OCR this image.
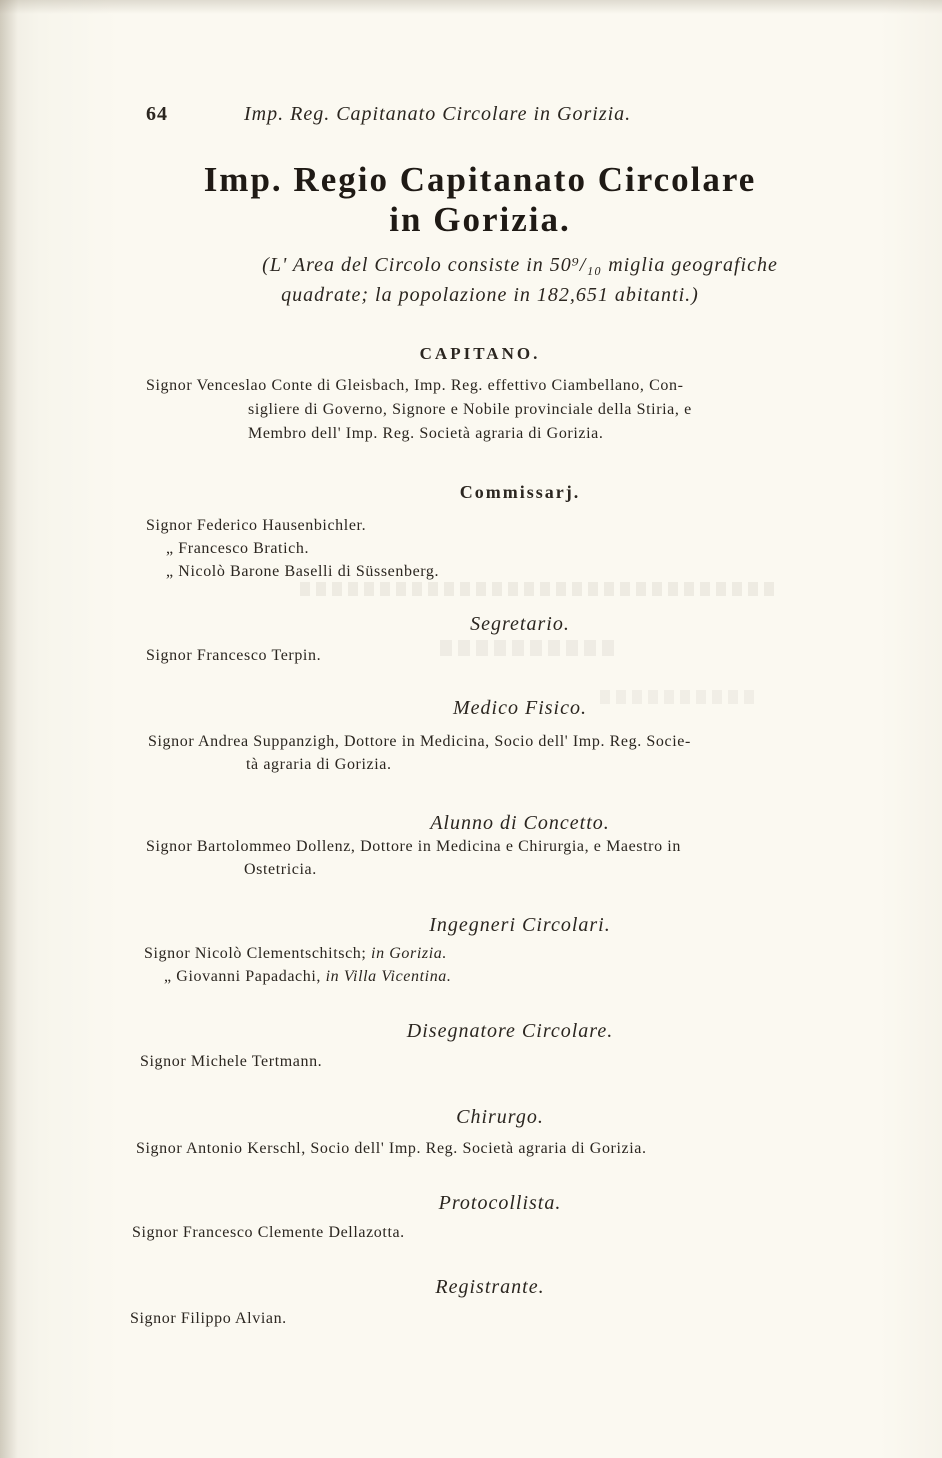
64	Imp. Reg. Capitanato Circolare in Gorizia.
Imp. Regio Capitanato Circolare
in Gorizia.
(L' Area del Circolo consiste in 50⁹/₁₀ miglia geografiche
quadrate; la popolazione in 182,651 abitanti.)
CAPITANO.
Signor Venceslao Conte di Gleisbach, Imp. Reg. effettivo Ciambellano, Con-
sigliere di Governo, Signore e Nobile provinciale della Stiria, e
Membro dell' Imp. Reg. Società agraria di Gorizia.
Commissarj.
Signor Federico Hausenbichler.
„ Francesco Bratich.
„ Nicolò Barone Baselli di Süssenberg.
Segretario.
Signor Francesco Terpin.
Medico Fisico.
Signor Andrea Suppanzigh, Dottore in Medicina, Socio dell' Imp. Reg. Socie-
tà agraria di Gorizia.
Alunno di Concetto.
Signor Bartolommeo Dollenz, Dottore in Medicina e Chirurgia, e Maestro in
Ostetricia.
Ingegneri Circolari.
Signor Nicolò Clementschitsch; in Gorizia.
„ Giovanni Papadachi, in Villa Vicentina.
Disegnatore Circolare.
Signor Michele Tertmann.
Chirurgo.
Signor Antonio Kerschl, Socio dell' Imp. Reg. Società agraria di Gorizia.
Protocollista.
Signor Francesco Clemente Dellazotta.
Registrante.
Signor Filippo Alvian.
